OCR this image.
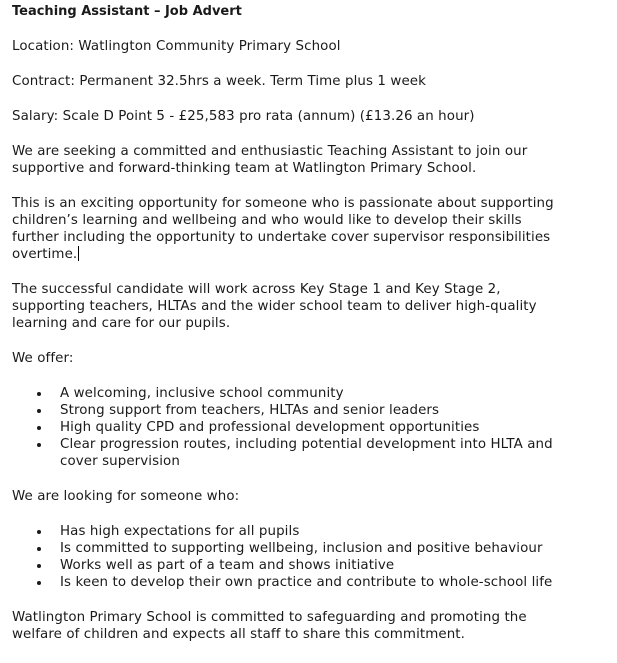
Teaching Assistant – Job Advert

Location: Watlington Community Primary School

Contract: Permanent 32.5hrs a week. Term Time plus 1 week

Salary: Scale D Point 5 - £25,583 pro rata (annum) (£13.26 an hour)

We are seeking a committed and enthusiastic Teaching Assistant to join our
supportive and forward-thinking team at Watlington Primary School.
This is an exciting opportunity for someone who is passionate about supporting
children’s learning and wellbeing and who would like to develop their skills
further including the opportunity to undertake cover supervisor responsibilities
overtime.
The successful candidate will work across Key Stage 1 and Key Stage 2,
supporting teachers, HLTAs and the wider school team to deliver high-quality
learning and care for our pupils.

We offer:

A welcoming, inclusive school community
Strong support from teachers, HLTAs and senior leaders
High quality CPD and professional development opportunities
Clear progression routes, including potential development into HLTA and
cover supervision

We are looking for someone who:

Has high expectations for all pupils
Is committed to supporting wellbeing, inclusion and positive behaviour
Works well as part of a team and shows initiative
Is keen to develop their own practice and contribute to whole-school life
Watlington Primary School is committed to safeguarding and promoting the
welfare of children and expects all staff to share this commitment.
